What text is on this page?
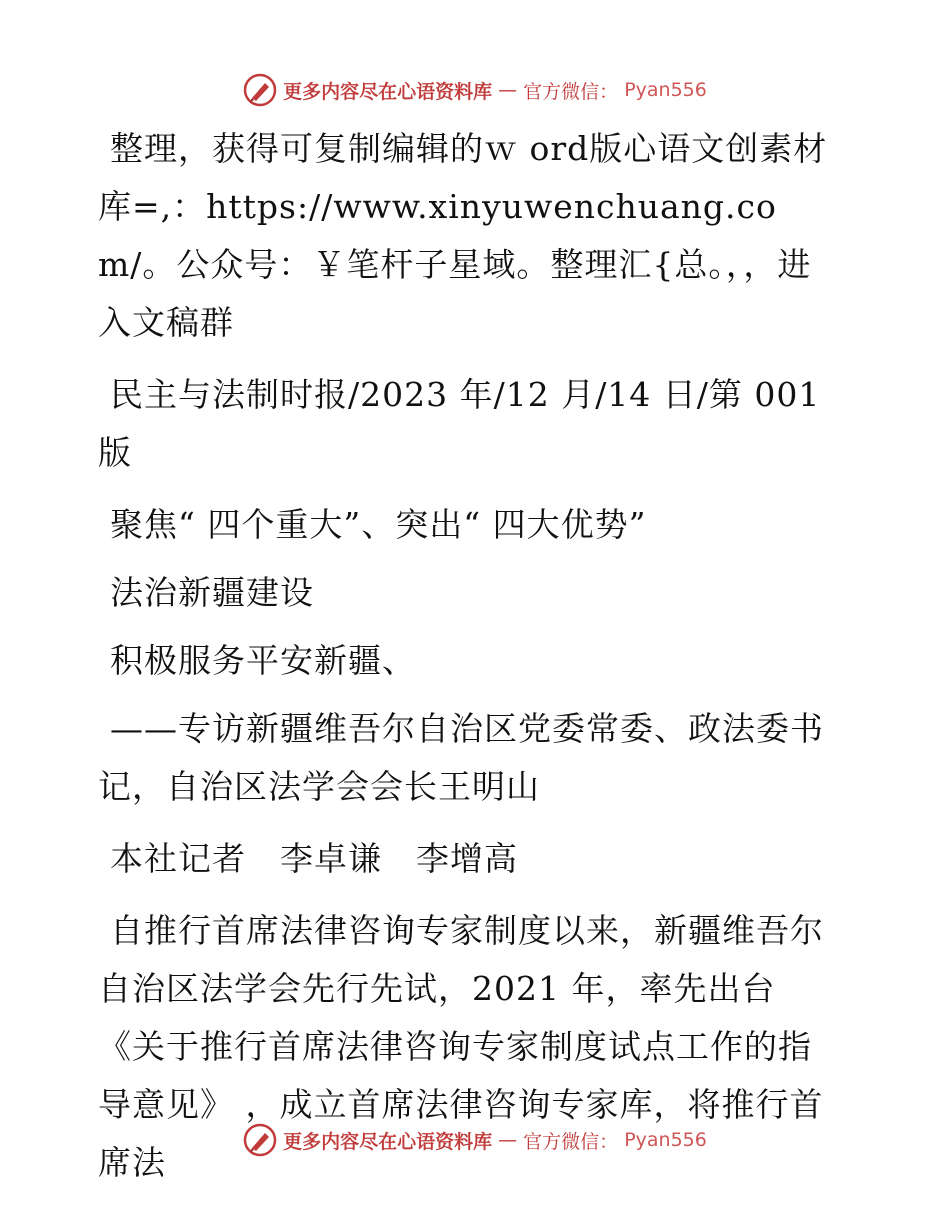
更多内容尽在心语资料库 — 官方微信： Pyan556

整理，获得可复制编辑的ｗ ord版心语文创素材库=,：https://www.xinyuwenchuang.com/。公众号：￥笔杆子星域。整理汇{总。，，进入文稿群

民主与法制时报/2023 年/12 月/14 日/第 001 版

聚焦“ 四个重大”、突出“ 四大优势”

法治新疆建设

积极服务平安新疆、

——专访新疆维吾尔自治区党委常委、政法委书记，自治区法学会会长王明山

本社记者　李卓谦　李增高

自推行首席法律咨询专家制度以来，新疆维吾尔自治区法学会先行先试，2021 年，率先出台《关于推行首席法律咨询专家制度试点工作的指导意见》 ，成立首席法律咨询专家库，将推行首席法

更多内容尽在心语资料库 — 官方微信： Pyan556
